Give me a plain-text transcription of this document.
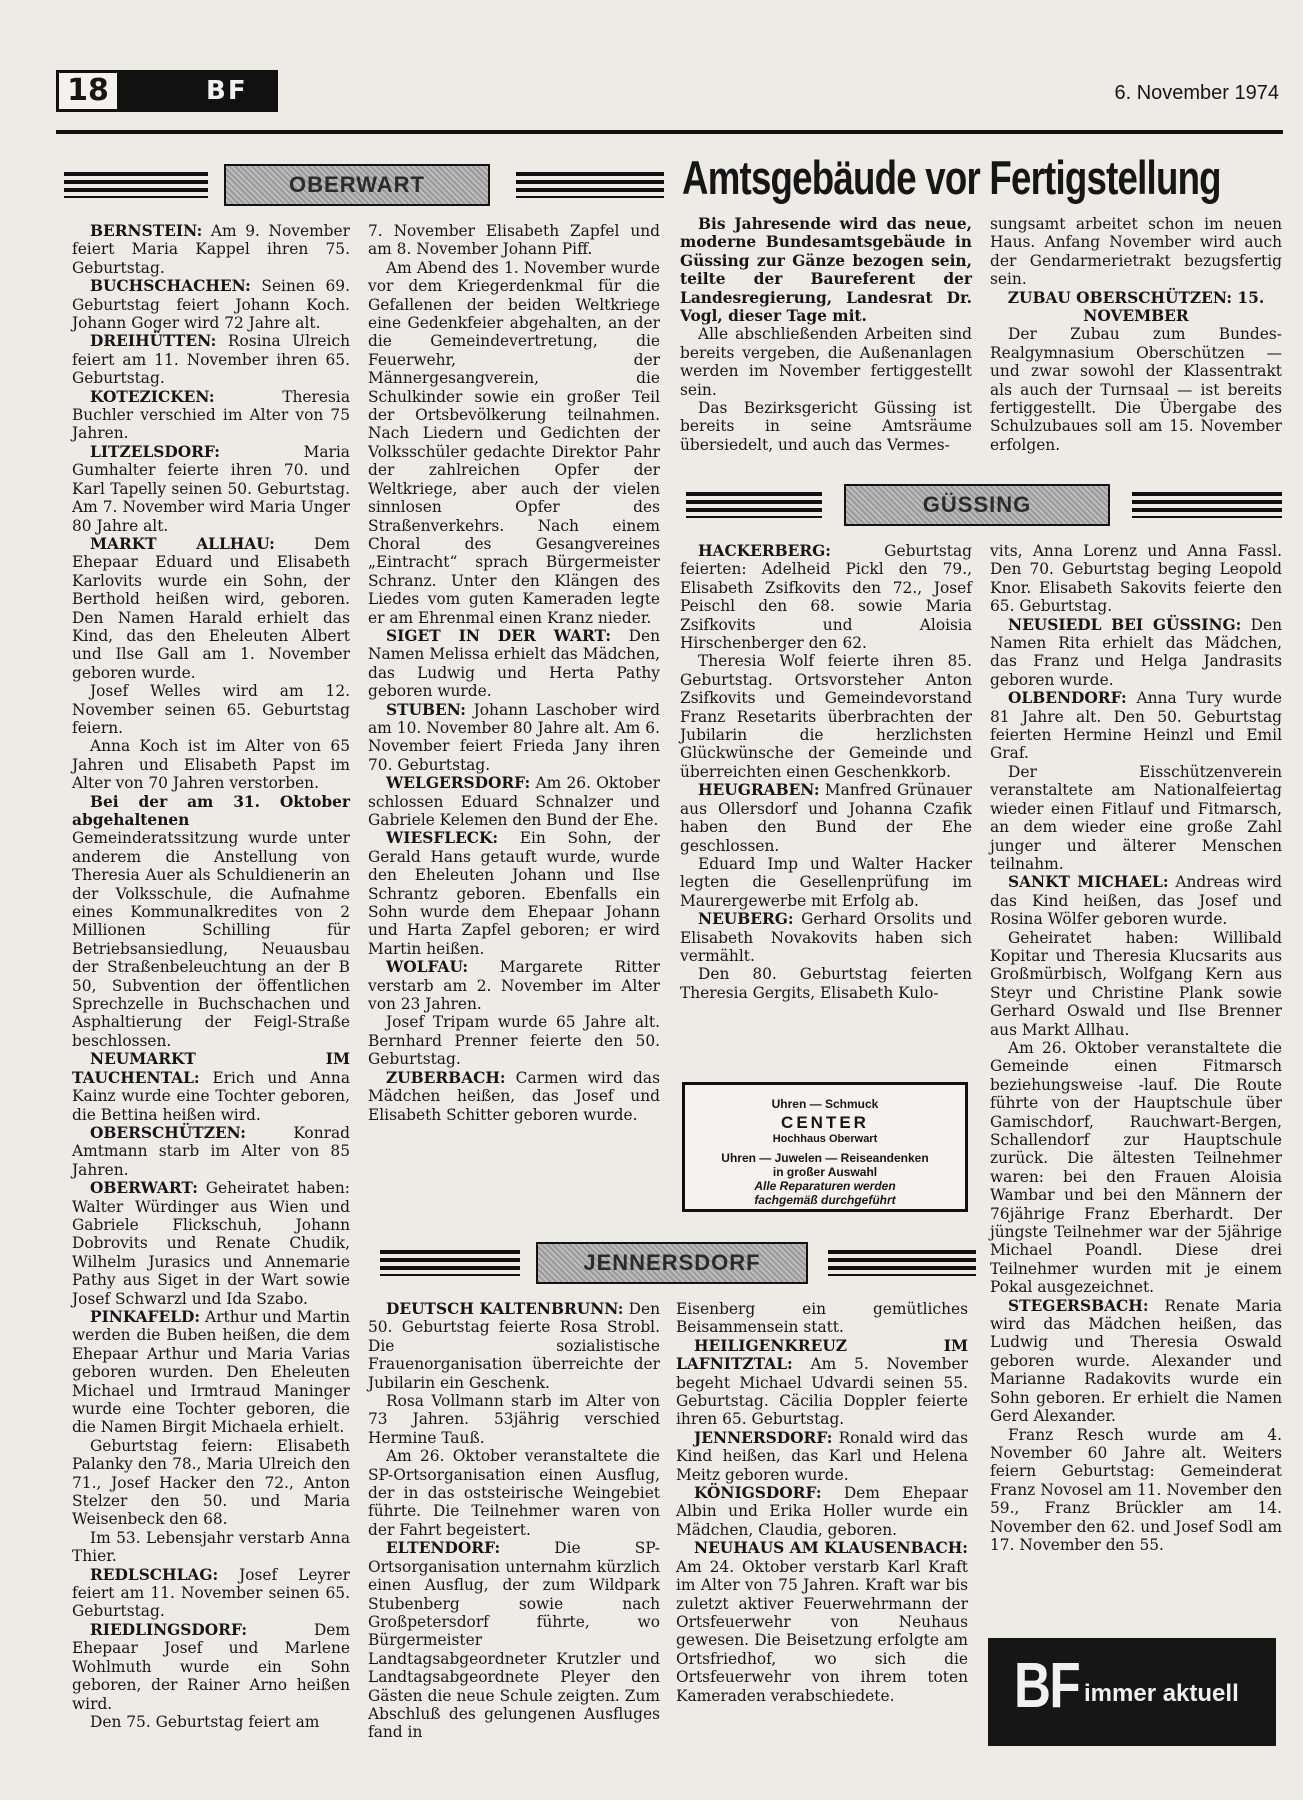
18	BF	6. November 1974
OBERWART	Amtsgebäude vor Fertigstellung

BERNSTEIN: Am 9. November feiert Maria Kappel ihren 75. Geburtstag.

BUCHSCHACHEN: Seinen 69. Geburtstag feiert Johann Koch. Johann Goger wird 72 Jahre alt.

DREIHÜTTEN: Rosina Ulreich feiert am 11. November ihren 65. Geburtstag.

KOTEZICKEN: Theresia Buchler verschied im Alter von 75 Jahren.

LITZELSDORF: Maria Gumhalter feierte ihren 70. und Karl Tapelly seinen 50. Geburtstag. Am 7. November wird Maria Unger 80 Jahre alt.

MARKT ALLHAU: Dem Ehepaar Eduard und Elisabeth Karlovits wurde ein Sohn, der Berthold heißen wird, geboren. Den Namen Harald erhielt das Kind, das den Eheleuten Albert und Ilse Gall am 1. November geboren wurde.

Josef Welles wird am 12. November seinen 65. Geburtstag feiern.

Anna Koch ist im Alter von 65 Jahren und Elisabeth Papst im Alter von 70 Jahren verstorben.

Bei der am 31. Oktober abgehaltenen Gemeinderatssitzung wurde unter anderem die Anstellung von Theresia Auer als Schuldienerin an der Volksschule, die Aufnahme eines Kommunalkredites von 2 Millionen Schilling für Betriebsansiedlung, Neuausbau der Straßenbeleuchtung an der B 50, Subvention der öffentlichen Sprechzelle in Buchschachen und Asphaltierung der Feigl-Straße beschlossen.

NEUMARKT IM TAUCHENTAL: Erich und Anna Kainz wurde eine Tochter geboren, die Bettina heißen wird.

OBERSCHÜTZEN: Konrad Amtmann starb im Alter von 85 Jahren.

OBERWART: Geheiratet haben: Walter Würdinger aus Wien und Gabriele Flickschuh, Johann Dobrovits und Renate Chudik, Wilhelm Jurasics und Annemarie Pathy aus Siget in der Wart sowie Josef Schwarzl und Ida Szabo.

PINKAFELD: Arthur und Martin werden die Buben heißen, die dem Ehepaar Arthur und Maria Varias geboren wurden. Den Eheleuten Michael und Irmtraud Maninger wurde eine Tochter geboren, die die Namen Birgit Michaela erhielt.

Geburtstag feiern: Elisabeth Palanky den 78., Maria Ulreich den 71., Josef Hacker den 72., Anton Stelzer den 50. und Maria Weisenbeck den 68.

Im 53. Lebensjahr verstarb Anna Thier.

REDLSCHLAG: Josef Leyrer feiert am 11. November seinen 65. Geburtstag.

RIEDLINGSDORF: Dem Ehepaar Josef und Marlene Wohlmuth wurde ein Sohn geboren, der Rainer Arno heißen wird.

Den 75. Geburtstag feiert am

7. November Elisabeth Zapfel und am 8. November Johann Piff.

Am Abend des 1. November wurde vor dem Kriegerdenkmal für die Gefallenen der beiden Weltkriege eine Gedenkfeier abgehalten, an der die Gemeindevertretung, die Feuerwehr, der Männergesangverein, die Schulkinder sowie ein großer Teil der Ortsbevölkerung teilnahmen. Nach Liedern und Gedichten der Volksschüler gedachte Direktor Pahr der zahlreichen Opfer der Weltkriege, aber auch der vielen sinnlosen Opfer des Straßenverkehrs. Nach einem Choral des Gesangvereines „Eintracht“ sprach Bürgermeister Schranz. Unter den Klängen des Liedes vom guten Kameraden legte er am Ehrenmal einen Kranz nieder.

SIGET IN DER WART: Den Namen Melissa erhielt das Mädchen, das Ludwig und Herta Pathy geboren wurde.

STUBEN: Johann Laschober wird am 10. November 80 Jahre alt. Am 6. November feiert Frieda Jany ihren 70. Geburtstag.

WELGERSDORF: Am 26. Oktober schlossen Eduard Schnalzer und Gabriele Kelemen den Bund der Ehe.

WIESFLECK: Ein Sohn, der Gerald Hans getauft wurde, wurde den Eheleuten Johann und Ilse Schrantz geboren. Ebenfalls ein Sohn wurde dem Ehepaar Johann und Harta Zapfel geboren; er wird Martin heißen.

WOLFAU: Margarete Ritter verstarb am 2. November im Alter von 23 Jahren.

Josef Tripam wurde 65 Jahre alt. Bernhard Prenner feierte den 50. Geburtstag.

ZUBERBACH: Carmen wird das Mädchen heißen, das Josef und Elisabeth Schitter geboren wurde.

Bis Jahresende wird das neue, moderne Bundesamtsgebäude in Güssing zur Gänze bezogen sein, teilte der Baureferent der Landesregierung, Landesrat Dr. Vogl, dieser Tage mit.

Alle abschließenden Arbeiten sind bereits vergeben, die Außenanlagen werden im November fertiggestellt sein.

Das Bezirksgericht Güssing ist bereits in seine Amtsräume übersiedelt, und auch das Vermes-

sungsamt arbeitet schon im neuen Haus. Anfang November wird auch der Gendarmerietrakt bezugsfertig sein.

ZUBAU OBERSCHÜTZEN: 15. NOVEMBER

Der Zubau zum Bundes-Realgymnasium Oberschützen — und zwar sowohl der Klassentrakt als auch der Turnsaal — ist bereits fertiggestellt. Die Übergabe des Schulzubaues soll am 15. November erfolgen.

GÜSSING

HACKERBERG: Geburtstag feierten: Adelheid Pickl den 79., Elisabeth Zsifkovits den 72., Josef Peischl den 68. sowie Maria Zsifkovits und Aloisia Hirschenberger den 62.

Theresia Wolf feierte ihren 85. Geburtstag. Ortsvorsteher Anton Zsifkovits und Gemeindevorstand Franz Resetarits überbrachten der Jubilarin die herzlichsten Glückwünsche der Gemeinde und überreichten einen Geschenkkorb.

HEUGRABEN: Manfred Grünauer aus Ollersdorf und Johanna Czafik haben den Bund der Ehe geschlossen.

Eduard Imp und Walter Hacker legten die Gesellenprüfung im Maurergewerbe mit Erfolg ab.

NEUBERG: Gerhard Orsolits und Elisabeth Novakovits haben sich vermählt.

Den 80. Geburtstag feierten Theresia Gergits, Elisabeth Kulo-

vits, Anna Lorenz und Anna Fassl. Den 70. Geburtstag beging Leopold Knor. Elisabeth Sakovits feierte den 65. Geburtstag.

NEUSIEDL BEI GÜSSING: Den Namen Rita erhielt das Mädchen, das Franz und Helga Jandrasits geboren wurde.

OLBENDORF: Anna Tury wurde 81 Jahre alt. Den 50. Geburtstag feierten Hermine Heinzl und Emil Graf.

Der Eisschützenverein veranstaltete am Nationalfeiertag wieder einen Fitlauf und Fitmarsch, an dem wieder eine große Zahl junger und älterer Menschen teilnahm.

SANKT MICHAEL: Andreas wird das Kind heißen, das Josef und Rosina Wölfer geboren wurde.

Geheiratet haben: Willibald Kopitar und Theresia Klucsarits aus Großmürbisch, Wolfgang Kern aus Steyr und Christine Plank sowie Gerhard Oswald und Ilse Brenner aus Markt Allhau.

Am 26. Oktober veranstaltete die Gemeinde einen Fitmarsch beziehungsweise -lauf. Die Route führte von der Hauptschule über Gamischdorf, Rauchwart-Bergen, Schallendorf zur Hauptschule zurück. Die ältesten Teilnehmer waren: bei den Frauen Aloisia Wambar und bei den Männern der 76jährige Franz Eberhardt. Der jüngste Teilnehmer war der 5jährige Michael Poandl. Diese drei Teilnehmer wurden mit je einem Pokal ausgezeichnet.

STEGERSBACH: Renate Maria wird das Mädchen heißen, das Ludwig und Theresia Oswald geboren wurde. Alexander und Marianne Radakovits wurde ein Sohn geboren. Er erhielt die Namen Gerd Alexander.

Franz Resch wurde am 4. November 60 Jahre alt. Weiters feiern Geburtstag: Gemeinderat Franz Novosel am 11. November den 59., Franz Brückler am 14. November den 62. und Josef Sodl am 17. November den 55.

Uhren — Schmuck
CENTER
Hochhaus Oberwart
Uhren — Juwelen — Reiseandenken
in großer Auswahl
Alle Reparaturen werden
fachgemäß durchgeführt
JENNERSDORF

DEUTSCH KALTENBRUNN: Den 50. Geburtstag feierte Rosa Strobl. Die sozialistische Frauenorganisation überreichte der Jubilarin ein Geschenk.

Rosa Vollmann starb im Alter von 73 Jahren. 53jährig verschied Hermine Tauß.

Am 26. Oktober veranstaltete die SP-Ortsorganisation einen Ausflug, der in das oststeirische Weingebiet führte. Die Teilnehmer waren von der Fahrt begeistert.

ELTENDORF: Die SP-Ortsorganisation unternahm kürzlich einen Ausflug, der zum Wildpark Stubenberg sowie nach Großpetersdorf führte, wo Bürgermeister Landtagsabgeordneter Krutzler und Landtagsabgeordnete Pleyer den Gästen die neue Schule zeigten. Zum Abschluß des gelungenen Ausfluges fand in

Eisenberg ein gemütliches Beisammensein statt.

HEILIGENKREUZ IM LAFNITZTAL: Am 5. November begeht Michael Udvardi seinen 55. Geburtstag. Cäcilia Doppler feierte ihren 65. Geburtstag.

JENNERSDORF: Ronald wird das Kind heißen, das Karl und Helena Meitz geboren wurde.

KÖNIGSDORF: Dem Ehepaar Albin und Erika Holler wurde ein Mädchen, Claudia, geboren.

NEUHAUS AM KLAUSENBACH: Am 24. Oktober verstarb Karl Kraft im Alter von 75 Jahren. Kraft war bis zuletzt aktiver Feuerwehrmann der Ortsfeuerwehr von Neuhaus gewesen. Die Beisetzung erfolgte am Ortsfriedhof, wo sich die Ortsfeuerwehr von ihrem toten Kameraden verabschiedete.	BF immer aktuell
